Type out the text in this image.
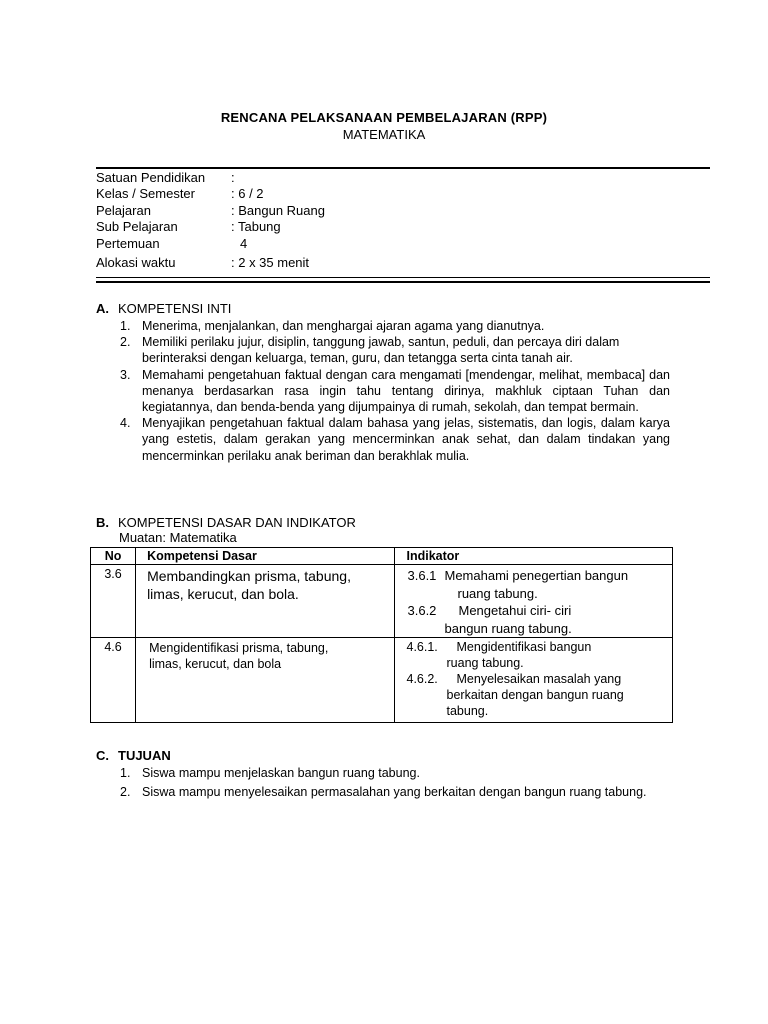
RENCANA PELAKSANAAN PEMBELAJARAN (RPP)
MATEMATIKA
Satuan Pendidikan :
Kelas / Semester	: 6 / 2
Pelajaran	: Bangun Ruang
Sub Pelajaran	: Tabung
Pertemuan	4
Alokasi waktu	: 2 x 35 menit
A. KOMPETENSI INTI
1. Menerima, menjalankan, dan menghargai ajaran agama yang dianutnya.
2. Memiliki perilaku jujur, disiplin, tanggung jawab, santun, peduli, dan percaya diri dalam berinteraksi dengan keluarga, teman, guru, dan tetangga serta cinta tanah air.
3. Memahami pengetahuan faktual dengan cara mengamati [mendengar, melihat, membaca] dan menanya berdasarkan rasa ingin tahu tentang dirinya, makhluk ciptaan Tuhan dan kegiatannya, dan benda-benda yang dijumpainya di rumah, sekolah, dan tempat bermain.
4. Menyajikan pengetahuan faktual dalam bahasa yang jelas, sistematis, dan logis, dalam karya yang estetis, dalam gerakan yang mencerminkan anak sehat, dan dalam tindakan yang mencerminkan perilaku anak beriman dan berakhlak mulia.
B. KOMPETENSI DASAR DAN INDIKATOR
Muatan: Matematika
No	Kompetensi Dasar	Indikator
3.6	Membandingkan prisma, tabung, limas, kerucut, dan bola.	3.6.1 Memahami penegertian bangun ruang tabung.
3.6.2 Mengetahui ciri- ciri bangun ruang tabung.

4.6	Mengidentifikasi prisma, tabung, limas, kerucut, dan bola	4.6.1. Mengidentifikasi bangun ruang tabung.
4.6.2. Menyelesaikan masalah yang berkaitan dengan bangun ruang tabung.
C. TUJUAN
1. Siswa mampu menjelaskan bangun ruang tabung.
2. Siswa mampu menyelesaikan permasalahan yang berkaitan dengan bangun ruang tabung.
